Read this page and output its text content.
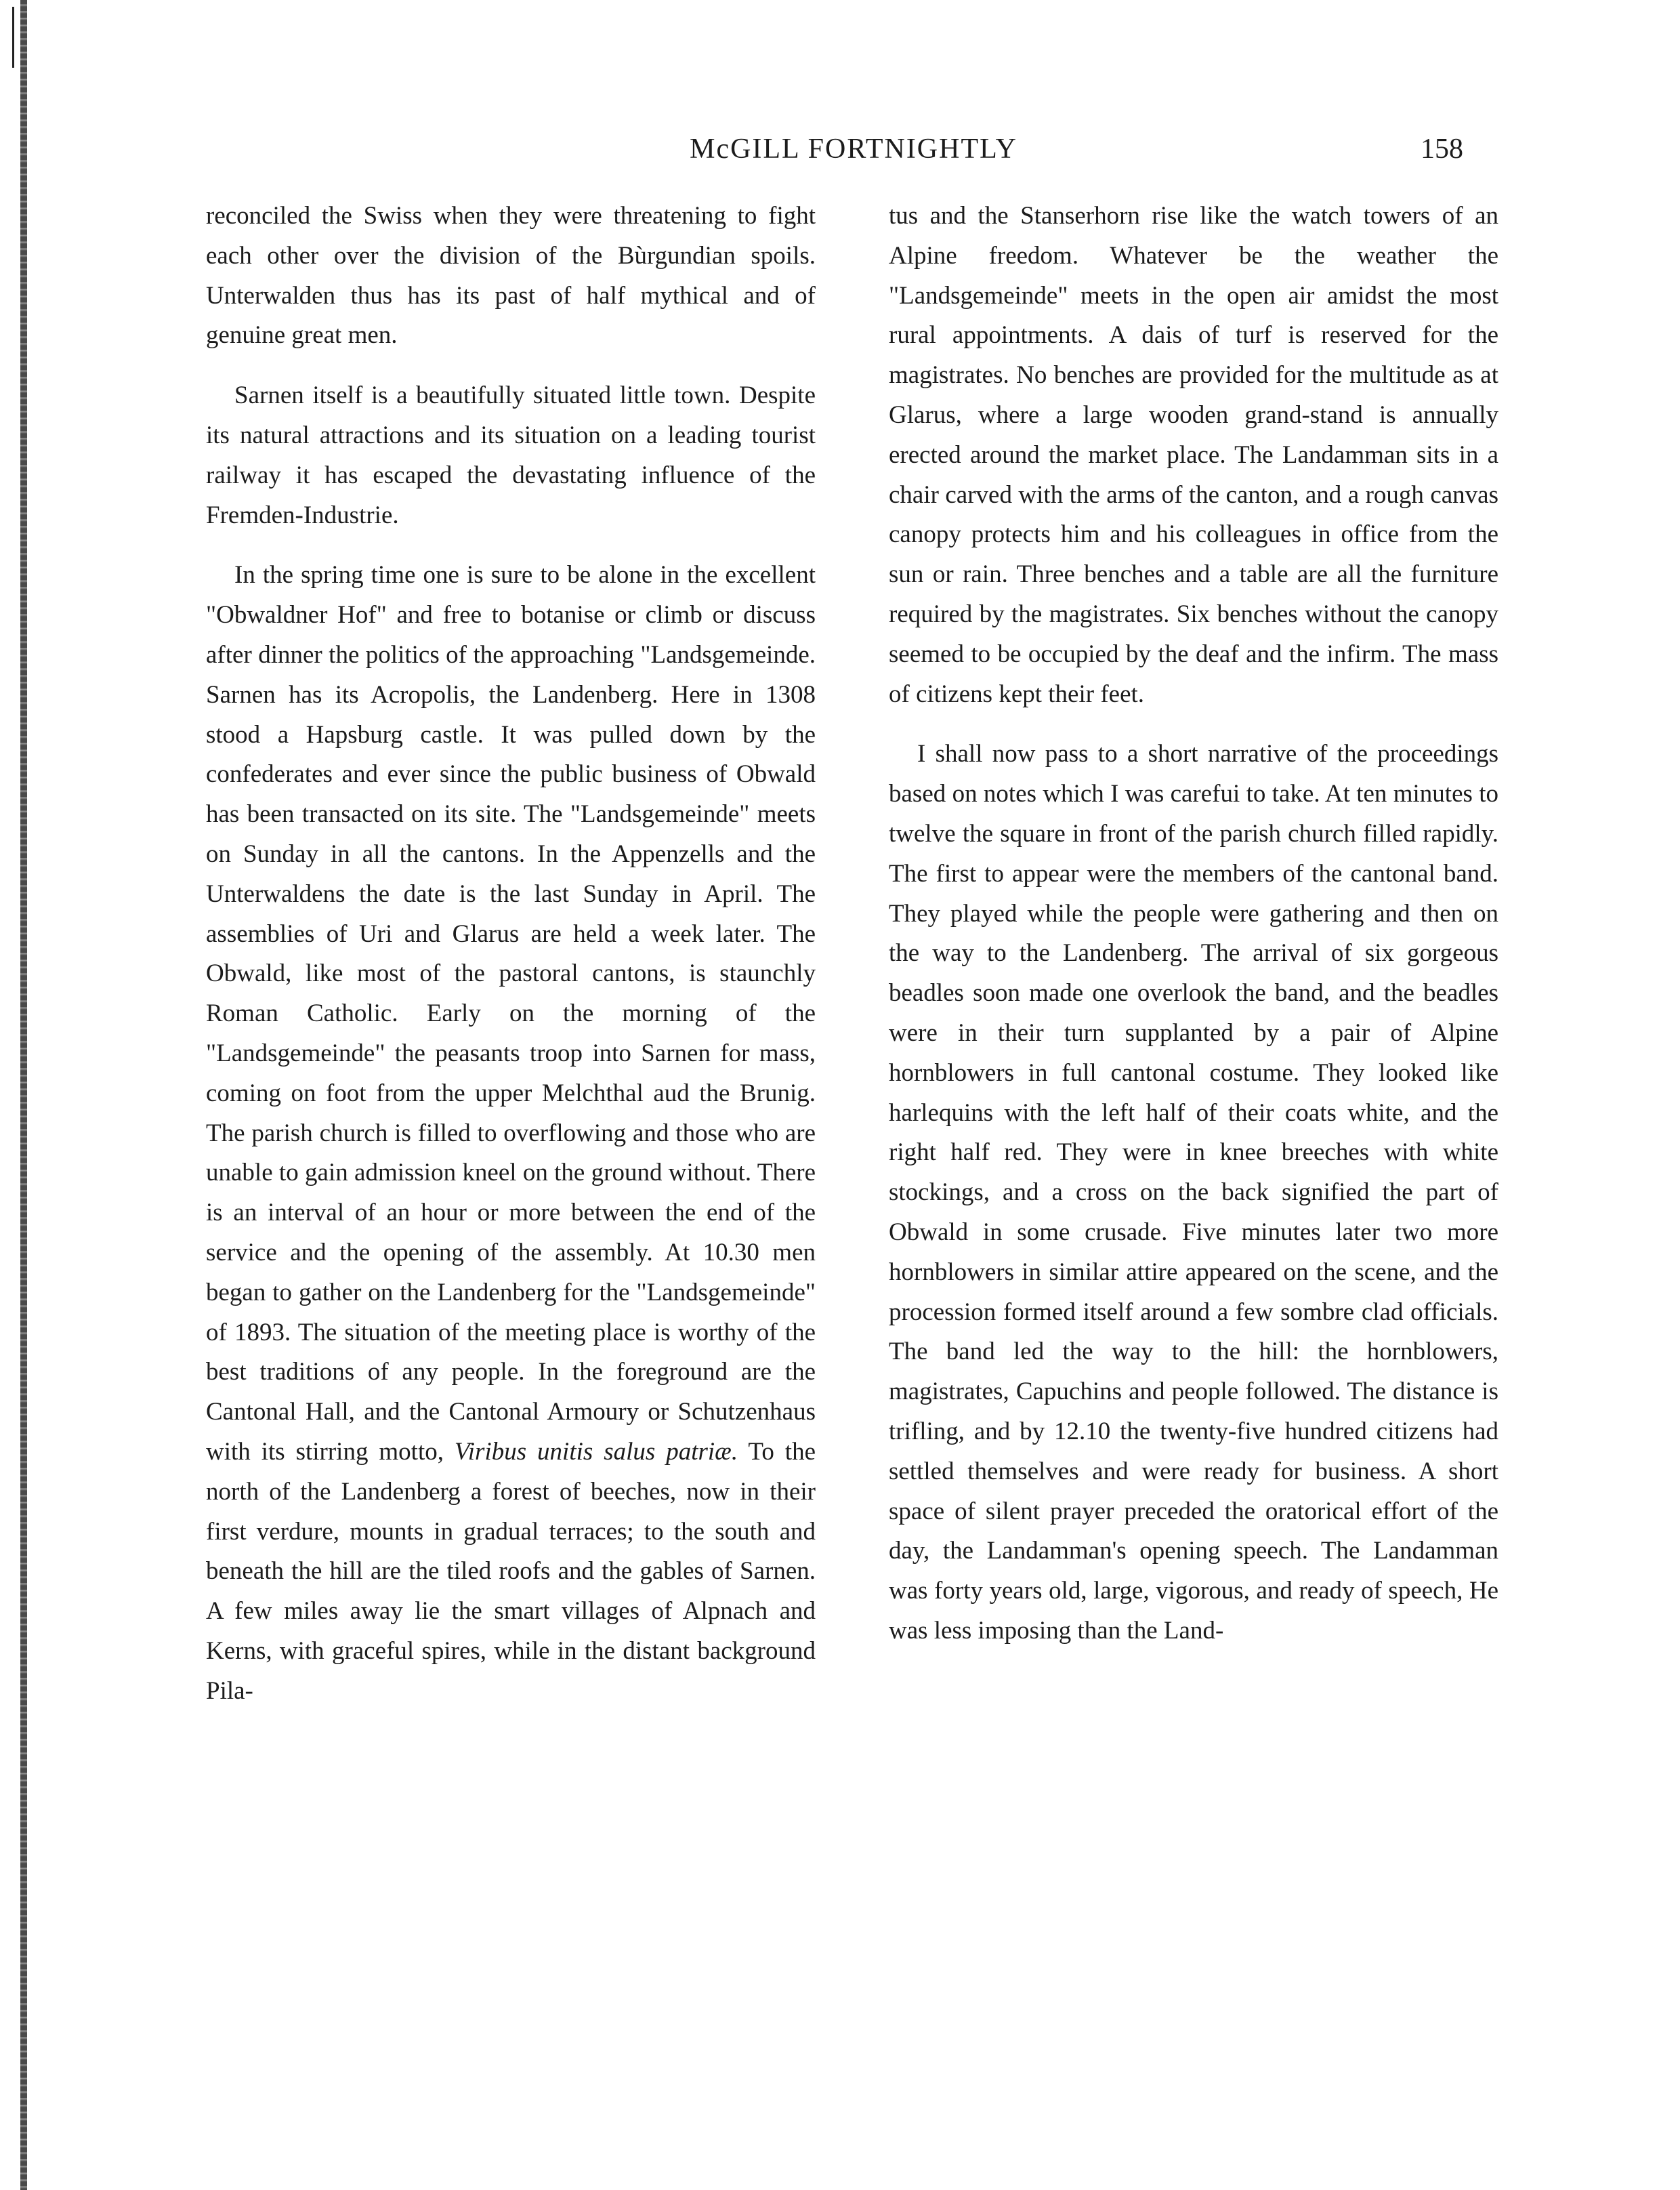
McGILL FORTNIGHTLY	158

reconciled the Swiss when they were threatening to fight each other over the division of the Bùrgundian spoils. Unterwalden thus has its past of half mythical and of genuine great men.

Sarnen itself is a beautifully situated little town. Despite its natural attractions and its situation on a leading tourist railway it has escaped the devastating influence of the Fremden-Industrie.

In the spring time one is sure to be alone in the excellent "Obwaldner Hof" and free to botanise or climb or discuss after dinner the politics of the approaching "Landsgemeinde. Sarnen has its Acropolis, the Landenberg. Here in 1308 stood a Hapsburg castle. It was pulled down by the confederates and ever since the public business of Obwald has been transacted on its site. The "Landsgemeinde" meets on Sunday in all the cantons. In the Appenzells and the Unterwaldens the date is the last Sunday in April. The assemblies of Uri and Glarus are held a week later. The Obwald, like most of the pastoral cantons, is staunchly Roman Catholic. Early on the morning of the "Landsgemeinde" the peasants troop into Sarnen for mass, coming on foot from the upper Melchthal aud the Brunig. The parish church is filled to overflowing and those who are unable to gain admission kneel on the ground without. There is an interval of an hour or more between the end of the service and the opening of the assembly. At 10.30 men began to gather on the Landenberg for the "Landsgemeinde" of 1893. The situation of the meeting place is worthy of the best traditions of any people. In the foreground are the Cantonal Hall, and the Cantonal Armoury or Schutzenhaus with its stirring motto, Viribus unitis salus patriæ. To the north of the Landenberg a forest of beeches, now in their first verdure, mounts in gradual terraces; to the south and beneath the hill are the tiled roofs and the gables of Sarnen. A few miles away lie the smart villages of Alpnach and Kerns, with graceful spires, while in the distant background Pila-

tus and the Stanserhorn rise like the watch towers of an Alpine freedom. Whatever be the weather the "Landsgemeinde" meets in the open air amidst the most rural appointments. A dais of turf is reserved for the magistrates. No benches are provided for the multitude as at Glarus, where a large wooden grand-stand is annually erected around the market place. The Landamman sits in a chair carved with the arms of the canton, and a rough canvas canopy protects him and his colleagues in office from the sun or rain. Three benches and a table are all the furniture required by the magistrates. Six benches without the canopy seemed to be occupied by the deaf and the infirm. The mass of citizens kept their feet.

I shall now pass to a short narrative of the proceedings based on notes which I was carefui to take. At ten minutes to twelve the square in front of the parish church filled rapidly. The first to appear were the members of the cantonal band. They played while the people were gathering and then on the way to the Landenberg. The arrival of six gorgeous beadles soon made one overlook the band, and the beadles were in their turn supplanted by a pair of Alpine hornblowers in full cantonal costume. They looked like harlequins with the left half of their coats white, and the right half red. They were in knee breeches with white stockings, and a cross on the back signified the part of Obwald in some crusade. Five minutes later two more hornblowers in similar attire appeared on the scene, and the procession formed itself around a few sombre clad officials. The band led the way to the hill: the hornblowers, magistrates, Capuchins and people followed. The distance is trifling, and by 12.10 the twenty-five hundred citizens had settled themselves and were ready for business. A short space of silent prayer preceded the oratorical effort of the day, the Landamman's opening speech. The Landamman was forty years old, large, vigorous, and ready of speech, He was less imposing than the Land-
